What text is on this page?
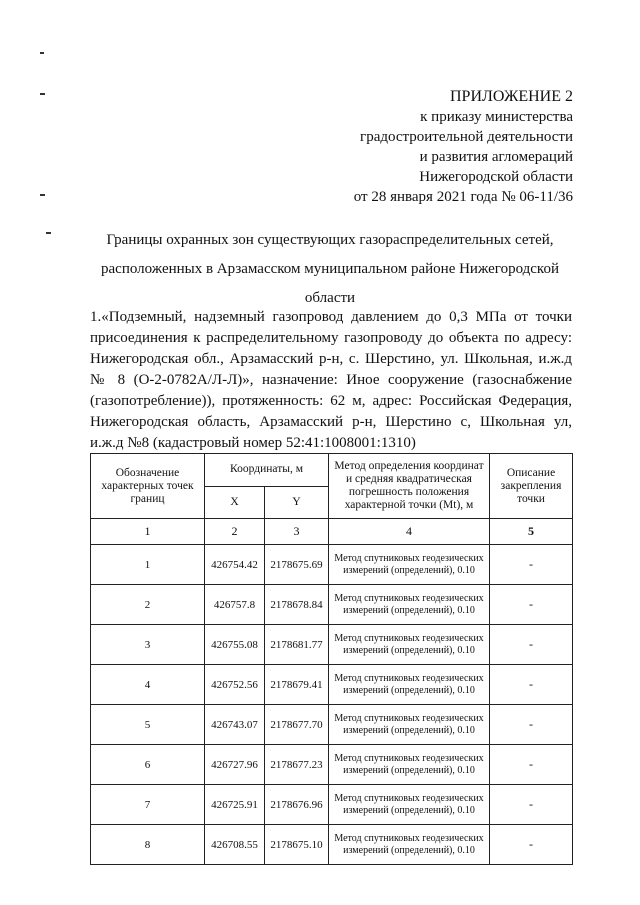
ПРИЛОЖЕНИЕ 2
к приказу министерства
градостроительной деятельности
и развития агломераций
Нижегородской области
от 28 января 2021 года № 06-11/36
Границы охранных зон существующих газораспределительных сетей,
расположенных в Арзамасском муниципальном районе Нижегородской
области
1.«Подземный, надземный газопровод давлением до 0,3 МПа от точки присоединения к распределительному газопроводу до объекта по адресу: Нижегородская обл., Арзамасский р-н, с. Шерстино, ул. Школьная, и.ж.д № 8 (О-2-0782А/Л-Л)», назначение: Иное сооружение (газоснабжение (газопотребление)), протяженность: 62 м, адрес: Российская Федерация, Нижегородская область, Арзамасский р-н, Шерстино с, Школьная ул, и.ж.д №8 (кадастровый номер 52:41:1008001:1310)
Обозначение характерных точек границ	Координаты, м		Метод определения координат и средняя квадратическая погрешность положения характерной точки (Mt), м	Описание закрепления точки
	X	Y		
1	2	3	4	5
1	426754.42	2178675.69	Метод спутниковых геодезических измерений (определений), 0.10	-
2	426757.8	2178678.84	Метод спутниковых геодезических измерений (определений), 0.10	-
3	426755.08	2178681.77	Метод спутниковых геодезических измерений (определений), 0.10	-
4	426752.56	2178679.41	Метод спутниковых геодезических измерений (определений), 0.10	-
5	426743.07	2178677.70	Метод спутниковых геодезических измерений (определений), 0.10	-
6	426727.96	2178677.23	Метод спутниковых геодезических измерений (определений), 0.10	-
7	426725.91	2178676.96	Метод спутниковых геодезических измерений (определений), 0.10	-
8	426708.55	2178675.10	Метод спутниковых геодезических измерений (определений), 0.10	-
